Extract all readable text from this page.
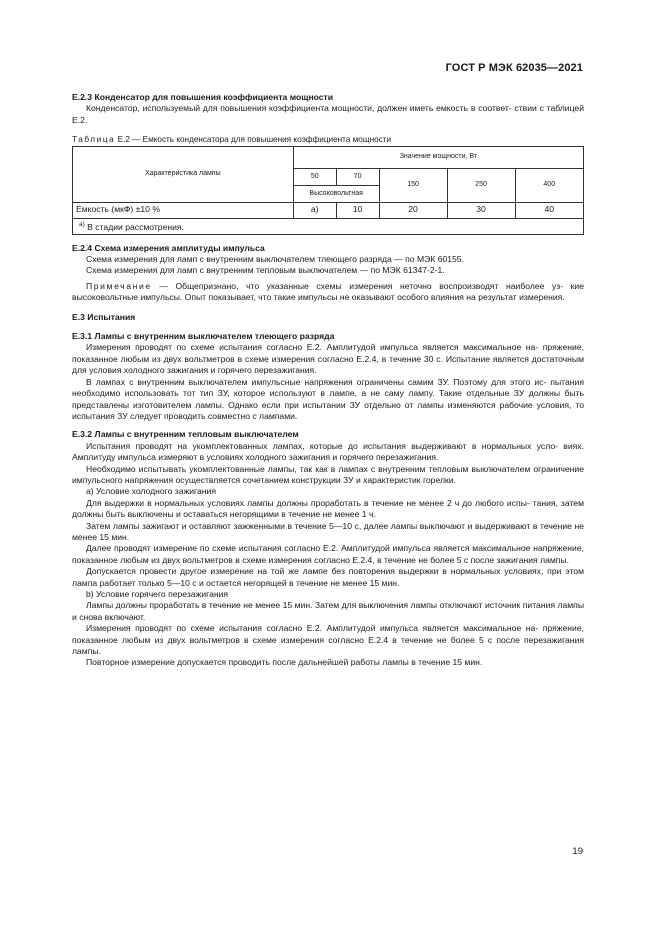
ГОСТ Р МЭК 62035—2021

Е.2.3 Конденсатор для повышения коэффициента мощности

Конденсатор, используемый для повышения коэффициента мощности, должен иметь емкость в соответ- ствии с таблицей Е.2.

Таблица Е.2 — Емкость конденсатора для повышения коэффициента мощности

Характеристика лампы	Значение мощности, Вт				
	50	70	150	250	400
	Высоковольтная				
Емкость (мкФ) ±10 %	а)	10	20	30	40
$^{а)}$ В стадии рассмотрения.					

Е.2.4 Схема измерения амплитуды импульса

Схема измерения для ламп с внутренним выключателем тлеющего разряда — по МЭК 60155.

Схема измерения для ламп с внутренним тепловым выключателем — по МЭК 61347-2-1.

Примечание — Общепризнано, что указанные схемы измерения неточно воспроизводят наиболее уз- кие высоковольтные импульсы. Опыт показывает, что такие импульсы не оказывают особого влияния на результат измерения.

Е.3 Испытания

Е.3.1 Лампы с внутренним выключателем тлеющего разряда

Измерения проводят по схеме испытания согласно Е.2. Амплитудой импульса является максимальное на- пряжение, показанное любым из двух вольтметров в схеме измерения согласно Е.2.4, в течение 30 с. Испытание является достаточным для условия холодного зажигания и горячего перезажигания.

В лампах с внутренним выключателем импульсные напряжения ограничены самим ЗУ. Поэтому для этого ис- пытания необходимо использовать тот тип ЗУ, которое используют в лампе, а не саму лампу. Такие отдельные ЗУ должны быть представлены изготовителем лампы. Однако если при испытании ЗУ отдельно от лампы изменяются рабочие условия, то испытания ЗУ следует проводить совместно с лампами.

Е.3.2 Лампы с внутренним тепловым выключателем

Испытания проводят на укомплектованных лампах, которые до испытания выдерживают в нормальных усло- виях. Амплитуду импульса измеряют в условиях холодного зажигания и горячего перезажигания.

Необходимо испытывать укомплектованные лампы, так как в лампах с внутренним тепловым выключателем ограничение импульсного напряжения осуществляется сочетанием конструкции ЗУ и характеристик горелки.

а) Условие холодного зажигания

Для выдержки в нормальных условиях лампы должны проработать в течение не менее 2 ч до любого испы- тания, затем должны быть выключены и оставаться негорящими в течение не менее 1 ч.

Затем лампы зажигают и оставляют зажженными в течение 5—10 с, далее лампы выключают и выдерживают в течение не менее 15 мин.

Далее проводят измерение по схеме испытания согласно Е.2. Амплитудой импульса является максимальное напряжение, показанное любым из двух вольтметров в схеме измерения согласно Е.2.4, в течение не более 5 с после зажигания лампы.

Допускается провести другое измерение на той же лампе без повторения выдержки в нормальных условиях, при этом лампа работает только 5—10 с и остается негорящей в течение не менее 15 мин.

b) Условие горячего перезажигания

Лампы должны проработать в течение не менее 15 мин. Затем для выключения лампы отключают источник питания лампы и снова включают.

Измерения проводят по схеме испытания согласно Е.2. Амплитудой импульса является максимальное на- пряжение, показанное любым из двух вольтметров в схеме измерения согласно Е.2.4 в течение не более 5 с после перезажигания лампы.

Повторное измерение допускается проводить после дальнейшей работы лампы в течение 15 мин.

19
